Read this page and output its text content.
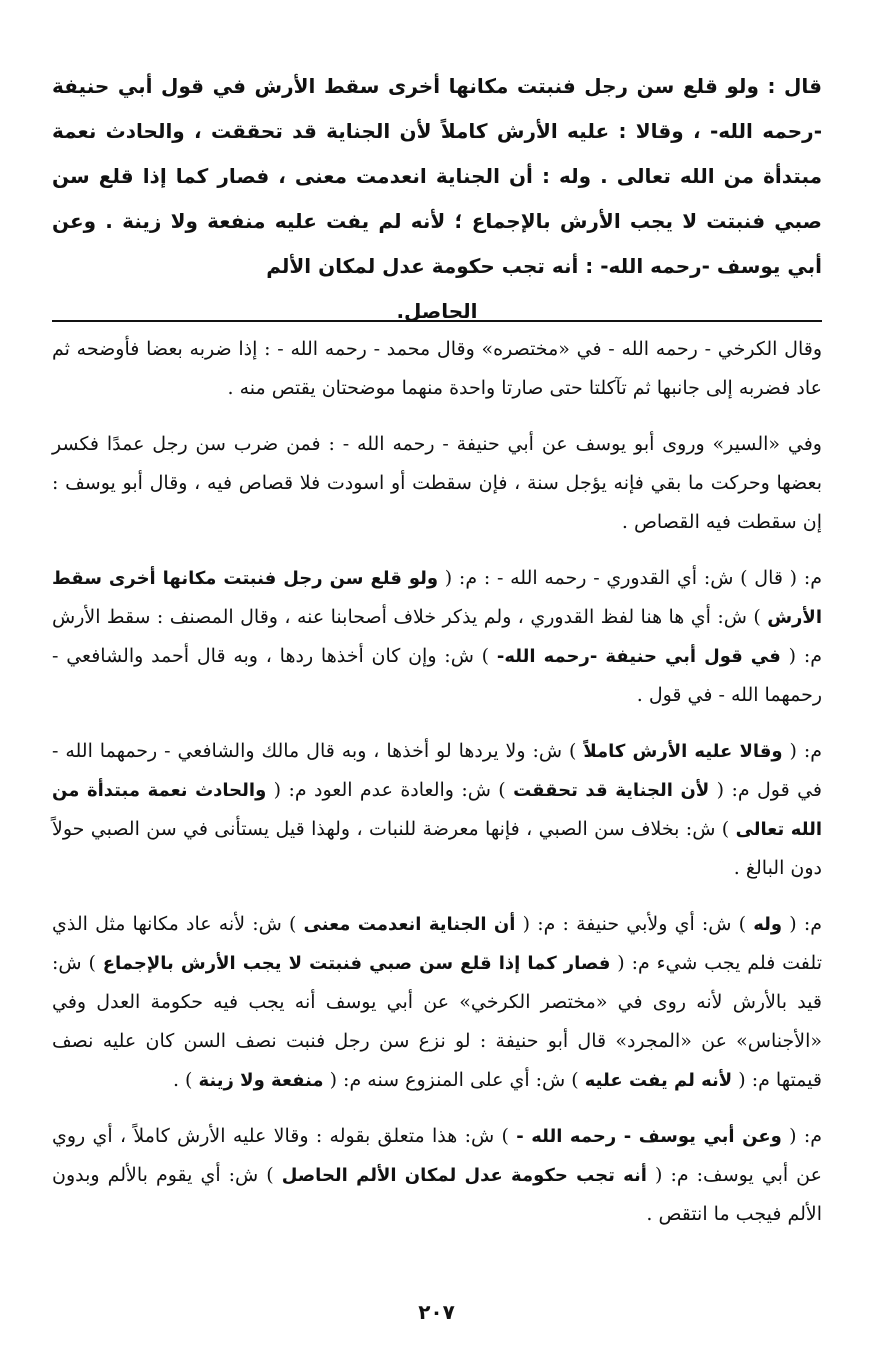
قال : ولو قلع سن رجل فنبتت مكانها أخرى سقط الأرش في قول أبي حنيفة -رحمه الله- ، وقالا : عليه الأرش كاملاً لأن الجناية قد تحققت ، والحادث نعمة مبتدأة من الله تعالى . وله : أن الجناية انعدمت معنى ، فصار كما إذا قلع سن صبي فنبتت لا يجب الأرش بالإجماع ؛ لأنه لم يفت عليه منفعة ولا زينة . وعن أبي يوسف -رحمه الله- : أنه تجب حكومة عدل لمكان الألم
الحاصل.

وقال الكرخي - رحمه الله - في «مختصره» وقال محمد - رحمه الله - : إذا ضربه بعضا فأوضحه ثم عاد فضربه إلى جانبها ثم تآكلتا حتى صارتا واحدة منهما موضحتان يقتص منه .

وفي «السير» وروى أبو يوسف عن أبي حنيفة - رحمه الله - : فمن ضرب سن رجل عمدًا فكسر بعضها وحركت ما بقي فإنه يؤجل سنة ، فإن سقطت أو اسودت فلا قصاص فيه ، وقال أبو يوسف : إن سقطت فيه القصاص .

م: ( قال ) ش: أي القدوري - رحمه الله - : م: ( ولو قلع سن رجل فنبتت مكانها أخرى سقط الأرش ) ش: أي ها هنا لفظ القدوري ، ولم يذكر خلاف أصحابنا عنه ، وقال المصنف : سقط الأرش م: ( في قول أبي حنيفة -رحمه الله- ) ش: وإن كان أخذها ردها ، وبه قال أحمد والشافعي - رحمهما الله - في قول .

م: ( وقالا عليه الأرش كاملاً ) ش: ولا يردها لو أخذها ، وبه قال مالك والشافعي - رحمهما الله - في قول م: ( لأن الجناية قد تحققت ) ش: والعادة عدم العود م: ( والحادث نعمة مبتدأة من الله تعالى ) ش: بخلاف سن الصبي ، فإنها معرضة للنبات ، ولهذا قيل يستأنى في سن الصبي حولاً دون البالغ .

م: ( وله ) ش: أي ولأبي حنيفة : م: ( أن الجناية انعدمت معنى ) ش: لأنه عاد مكانها مثل الذي تلفت فلم يجب شيء م: ( فصار كما إذا قلع سن صبي فنبتت لا يجب الأرش بالإجماع ) ش: قيد بالأرش لأنه روى في «مختصر الكرخي» عن أبي يوسف أنه يجب فيه حكومة العدل وفي «الأجناس» عن «المجرد» قال أبو حنيفة : لو نزع سن رجل فنبت نصف السن كان عليه نصف قيمتها م: ( لأنه لم يفت عليه ) ش: أي على المنزوع سنه م: ( منفعة ولا زينة ) .

م: ( وعن أبي يوسف - رحمه الله - ) ش: هذا متعلق بقوله : وقالا عليه الأرش كاملاً ، أي روي عن أبي يوسف: م: ( أنه تجب حكومة عدل لمكان الألم الحاصل ) ش: أي يقوم بالألم وبدون الألم فيجب ما انتقص .

٢٠٧
